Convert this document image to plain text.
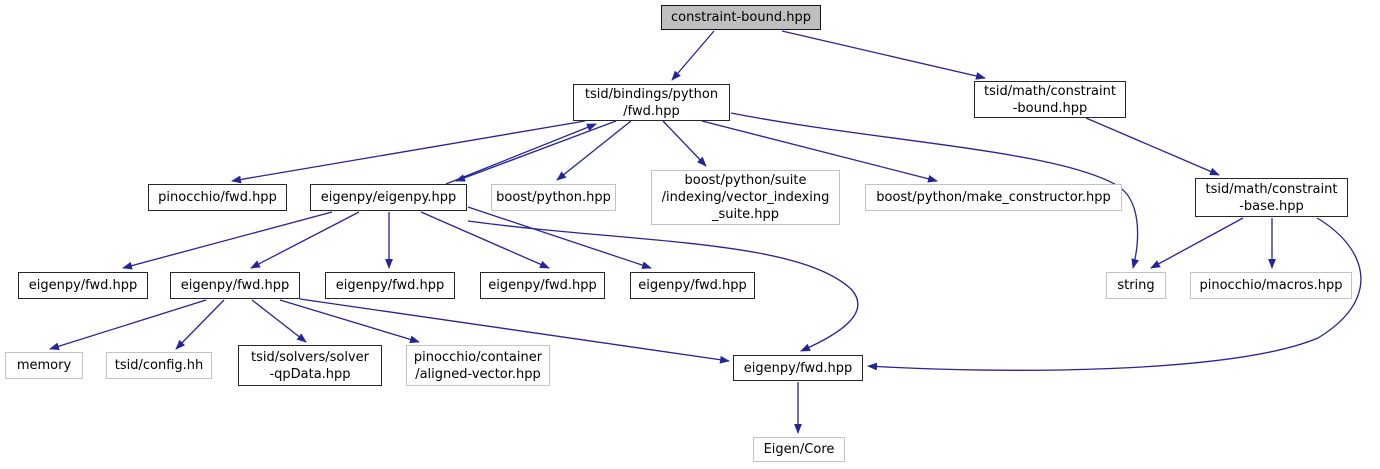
constraint-bound.hpp
tsid/bindings/python
/fwd.hpp
tsid/math/constraint
-bound.hpp
pinocchio/fwd.hpp	eigenpy/eigenpy.hpp	boost/python.hpp
boost/python/suite
/indexing/vector_indexing
_suite.hpp
boost/python/make_constructor.hpp
tsid/math/constraint
-base.hpp
eigenpy/fwd.hpp	eigenpy/fwd.hpp	eigenpy/fwd.hpp	eigenpy/fwd.hpp	eigenpy/fwd.hpp	string	pinocchio/macros.hpp
memory	tsid/config.hh
tsid/solvers/solver
-qpData.hpp
pinocchio/container
/aligned-vector.hpp	eigenpy/fwd.hpp
Eigen/Core
